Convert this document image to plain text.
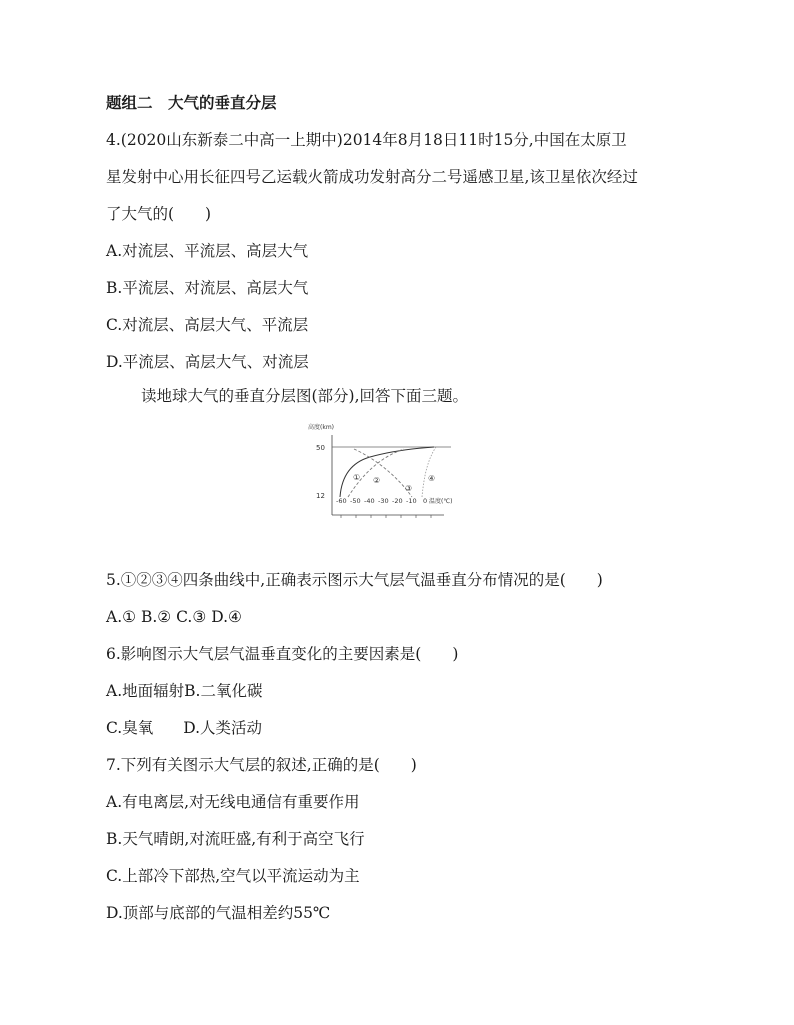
题组二　大气的垂直分层
4.(2020山东新泰二中高一上期中)2014年8月18日11时15分,中国在太原卫
星发射中心用长征四号乙运载火箭成功发射高分二号遥感卫星,该卫星依次经过
了大气的(　　)
A.对流层、平流层、高层大气
B.平流层、对流层、高层大气
C.对流层、高层大气、平流层
D.平流层、高层大气、对流层
读地球大气的垂直分层图(部分),回答下面三题。
高度(km)
50
12
-60 -50 -40 -30 -20 -10 0 温度(℃)
① ②
③
④
5.①②③④四条曲线中,正确表示图示大气层气温垂直分布情况的是(　　)
A.① B.② C.③ D.④
6.影响图示大气层气温垂直变化的主要因素是(　　)
A.地面辐射B.二氧化碳
C.臭氧 D.人类活动
7.下列有关图示大气层的叙述,正确的是(　　)
A.有电离层,对无线电通信有重要作用
B.天气晴朗,对流旺盛,有利于高空飞行
C.上部冷下部热,空气以平流运动为主
D.顶部与底部的气温相差约55℃
